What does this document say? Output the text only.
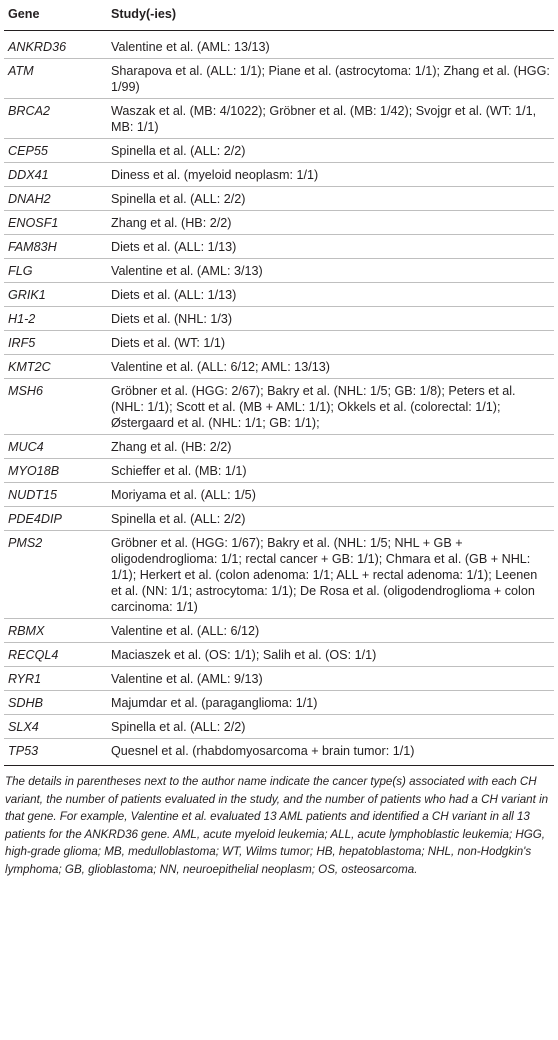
Gene	Study(-ies)
ANKRD36	Valentine et al. (AML: 13/13)
ATM	Sharapova et al. (ALL: 1/1); Piane et al. (astrocytoma: 1/1); Zhang et al. (HGG: 1/99)
BRCA2	Waszak et al. (MB: 4/1022); Gröbner et al. (MB: 1/42); Svojgr et al. (WT: 1/1, MB: 1/1)
CEP55	Spinella et al. (ALL: 2/2)
DDX41	Diness et al. (myeloid neoplasm: 1/1)
DNAH2	Spinella et al. (ALL: 2/2)
ENOSF1	Zhang et al. (HB: 2/2)
FAM83H	Diets et al. (ALL: 1/13)
FLG	Valentine et al. (AML: 3/13)
GRIK1	Diets et al. (ALL: 1/13)
H1-2	Diets et al. (NHL: 1/3)
IRF5	Diets et al. (WT: 1/1)
KMT2C	Valentine et al. (ALL: 6/12; AML: 13/13)
MSH6	Gröbner et al. (HGG: 2/67); Bakry et al. (NHL: 1/5; GB: 1/8); Peters et al. (NHL: 1/1); Scott et al. (MB + AML: 1/1); Okkels et al. (colorectal: 1/1); Østergaard et al. (NHL: 1/1; GB: 1/1);
MUC4	Zhang et al. (HB: 2/2)
MYO18B	Schieffer et al. (MB: 1/1)
NUDT15	Moriyama et al. (ALL: 1/5)
PDE4DIP	Spinella et al. (ALL: 2/2)
PMS2	Gröbner et al. (HGG: 1/67); Bakry et al. (NHL: 1/5; NHL + GB + oligodendroglioma: 1/1; rectal cancer + GB: 1/1); Chmara et al. (GB + NHL: 1/1); Herkert et al. (colon adenoma: 1/1; ALL + rectal adenoma: 1/1); Leenen et al. (NN: 1/1; astrocytoma: 1/1); De Rosa et al. (oligodendroglioma + colon carcinoma: 1/1)
RBMX	Valentine et al. (ALL: 6/12)
RECQL4	Maciaszek et al. (OS: 1/1); Salih et al. (OS: 1/1)
RYR1	Valentine et al. (AML: 9/13)
SDHB	Majumdar et al. (paraganglioma: 1/1)
SLX4	Spinella et al. (ALL: 2/2)
TP53	Quesnel et al. (rhabdomyosarcoma + brain tumor: 1/1)
The details in parentheses next to the author name indicate the cancer type(s) associated with each CH variant, the number of patients evaluated in the study, and the number of patients who had a CH variant in that gene. For example, Valentine et al. evaluated 13 AML patients and identified a CH variant in all 13 patients for the ANKRD36 gene. AML, acute myeloid leukemia; ALL, acute lymphoblastic leukemia; HGG, high-grade glioma; MB, medulloblastoma; WT, Wilms tumor; HB, hepatoblastoma; NHL, non-Hodgkin's lymphoma; GB, glioblastoma; NN, neuroepithelial neoplasm; OS, osteosarcoma.
